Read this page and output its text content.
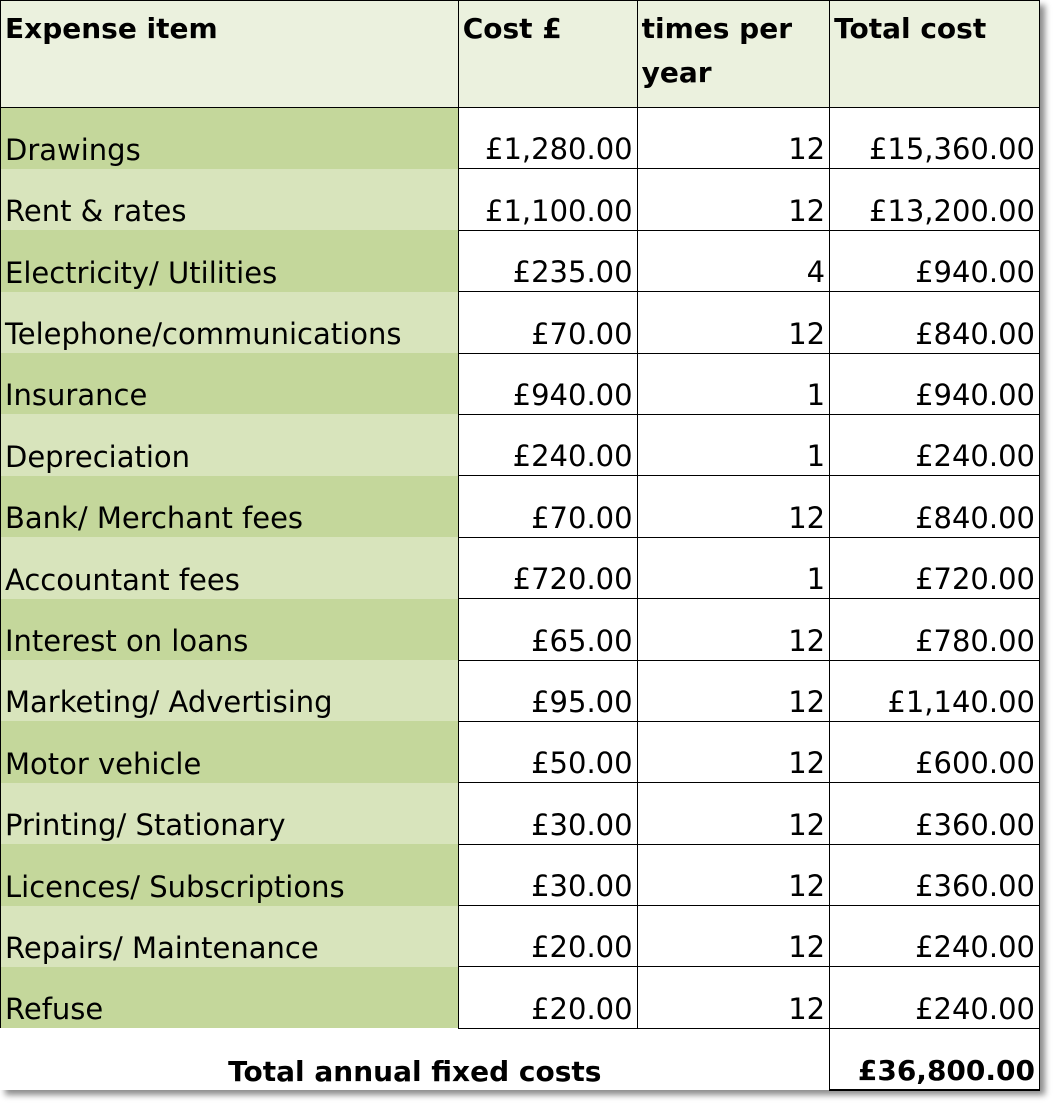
Expense item	Cost £	times per year	Total cost
Drawings	£1,280.00	12	£15,360.00
Rent & rates	£1,100.00	12	£13,200.00
Electricity/ Utilities	£235.00	4	£940.00
Telephone/communications	£70.00	12	£840.00
Insurance	£940.00	1	£940.00
Depreciation	£240.00	1	£240.00
Bank/ Merchant fees	£70.00	12	£840.00
Accountant fees	£720.00	1	£720.00
Interest on loans	£65.00	12	£780.00
Marketing/ Advertising	£95.00	12	£1,140.00
Motor vehicle	£50.00	12	£600.00
Printing/ Stationary	£30.00	12	£360.00
Licences/ Subscriptions	£30.00	12	£360.00
Repairs/ Maintenance	£20.00	12	£240.00
Refuse	£20.00	12	£240.00
Total annual fixed costs			£36,800.00
